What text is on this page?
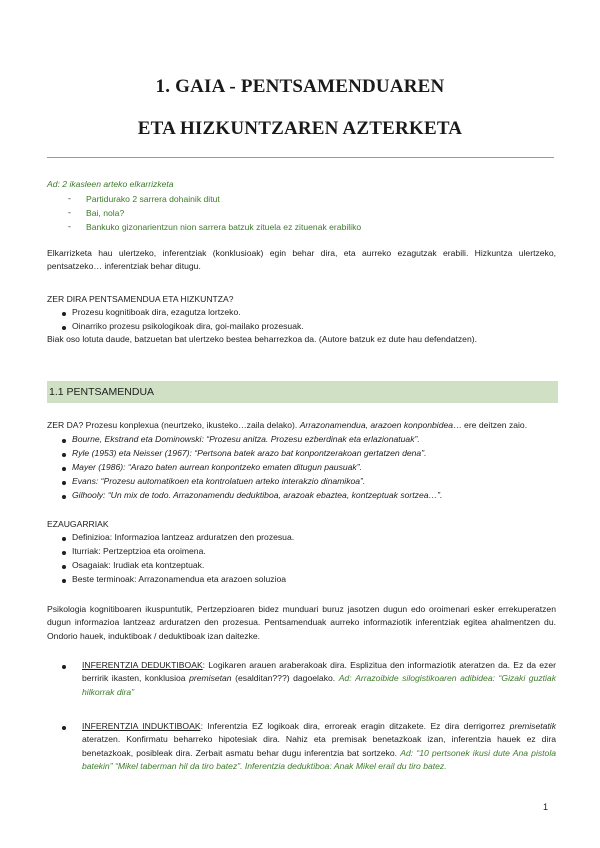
1. GAIA - PENTSAMENDUAREN
ETA HIZKUNTZAREN AZTERKETA
Ad: 2 ikasleen arteko elkarrizketa
- Partidurako 2 sarrera dohainik ditut
- Bai, nola?
- Bankuko gizonarientzun nion sarrera batzuk zituela ez zituenak erabiliko
Elkarrizketa hau ulertzeko, inferentziak (konklusioak) egin behar dira, eta aurreko ezagutzak erabili. Hizkuntza ulertzeko, pentsatzeko… inferentziak behar ditugu.
ZER DIRA PENTSAMENDUA ETA HIZKUNTZA?
Prozesu kognitiboak dira, ezagutza lortzeko.
Oinarriko prozesu psikologikoak dira, goi-mailako prozesuak.
Biak oso lotuta daude, batzuetan bat ulertzeko bestea beharrezkoa da. (Autore batzuk ez dute hau defendatzen).
1.1 PENTSAMENDUA
ZER DA? Prozesu konplexua (neurtzeko, ikusteko…zaila delako). Arrazonamendua, arazoen konponbidea… ere deitzen zaio.
Bourne, Ekstrand eta Dominowski: “Prozesu anitza. Prozesu ezberdinak eta erlazionatuak”.
Ryle (1953) eta Neisser (1967): “Pertsona batek arazo bat konpontzerakoan gertatzen dena”.
Mayer (1986): “Arazo baten aurrean konpontzeko ematen ditugun pausuak”.
Evans: “Prozesu automatikoen eta kontrolatuen arteko interakzio dinamikoa”.
Gilhooly: “Un mix de todo. Arrazonamendu deduktiboa, arazoak ebaztea, kontzeptuak sortzea…”.
EZAUGARRIAK
Definizioa: Informazioa lantzeaz arduratzen den prozesua.
Iturriak: Pertzeptzioa eta oroimena.
Osagaiak: Irudiak eta kontzeptuak.
Beste terminoak: Arrazonamendua eta arazoen soluzioa
Psikologia kognitiboaren ikuspuntutik, Pertzepzioaren bidez munduari buruz jasotzen dugun edo oroimenari esker errekuperatzen dugun informazioa lantzeaz arduratzen den prozesua. Pentsamenduak aurreko informaziotik inferentziak egitea ahalmentzen du. Ondorio hauek, induktiboak / deduktiboak izan daitezke.
INFERENTZIA DEDUKTIBOAK: Logikaren arauen araberakoak dira. Esplizitua den informaziotik ateratzen da. Ez da ezer berririk ikasten, konklusioa premisetan (esalditan???) dagoelako. Ad: Arrazoibide silogistikoaren adibidea: “Gizaki guztiak hilkorrak dira”
INFERENTZIA INDUKTIBOAK: Inferentzia EZ logikoak dira, erroreak eragin ditzakete. Ez dira derrigorrez premisetatik ateratzen. Konfirmatu beharreko hipotesiak dira. Nahiz eta premisak benetazkoak izan, inferentzia hauek ez dira benetazkoak, posibleak dira. Zerbait asmatu behar dugu inferentzia bat sortzeko. Ad: “10 pertsonek ikusi dute Ana pistola batekin” “Mikel taberman hil da tiro batez”. Inferentzia deduktiboa: Anak Mikel erail du tiro batez.
1
